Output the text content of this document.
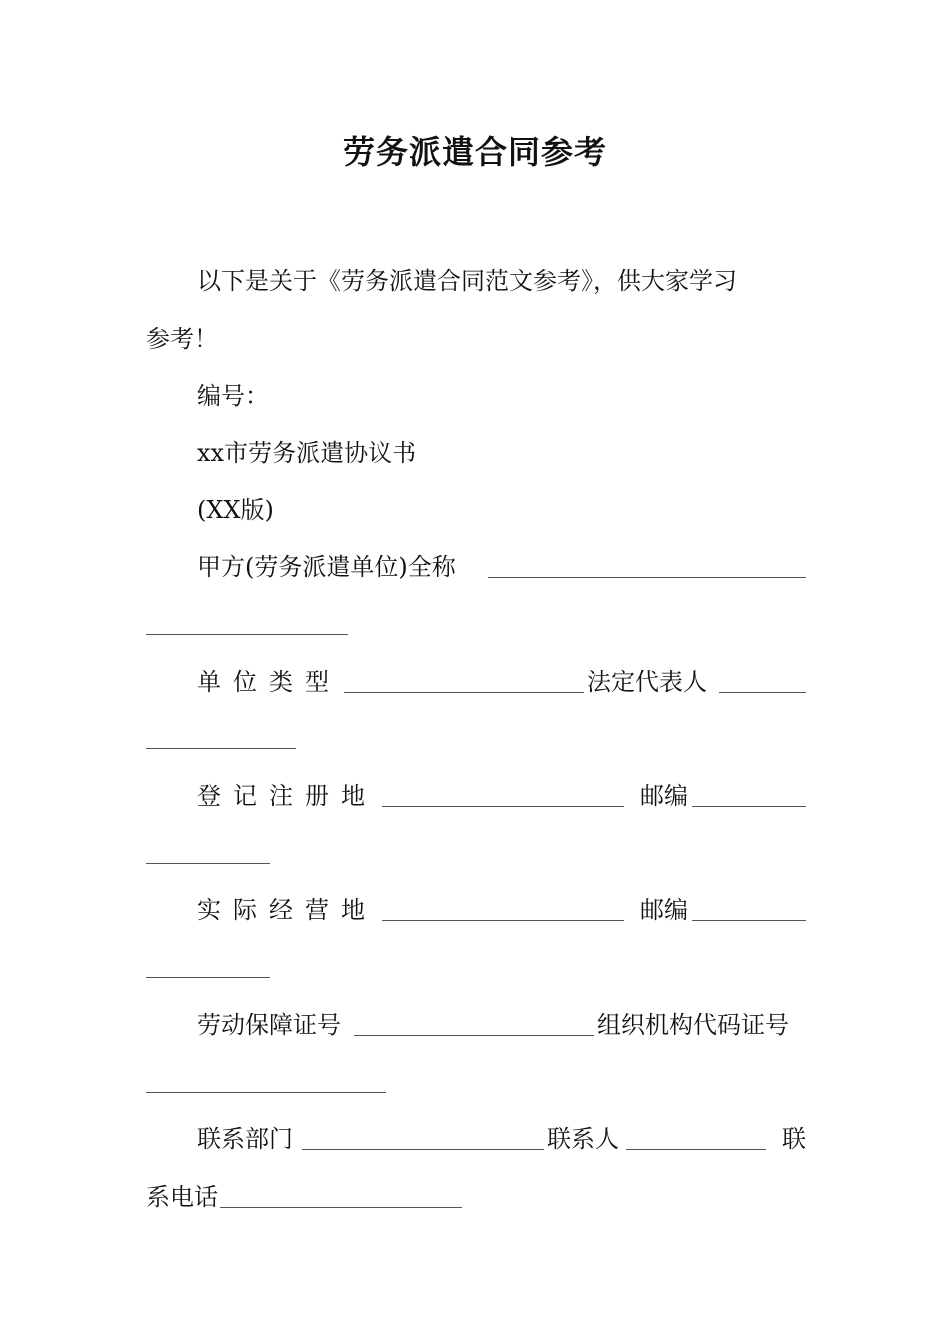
劳务派遣合同参考
以下是关于《劳务派遣合同范文参考》，供大家学习
参考！
编号：
xx市劳务派遣协议书
(XX版)
甲方(劳务派遣单位)全称
单位类型	法定代表人
登记注册地	邮编
实际经营地	邮编
劳动保障证号	组织机构代码证号
联系部门	联系人	联
系电话
